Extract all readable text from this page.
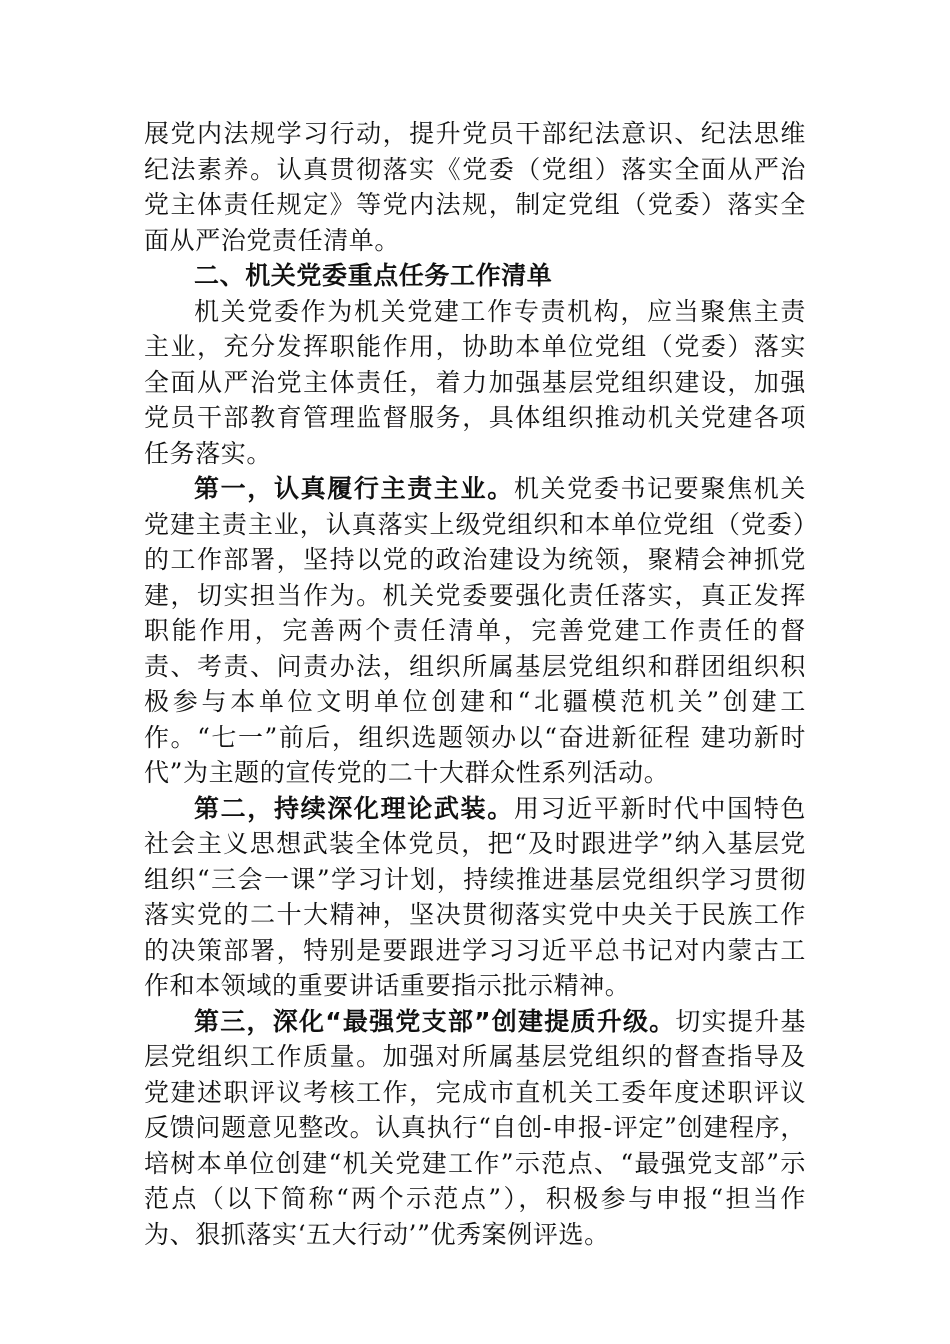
展党内法规学习行动，提升党员干部纪法意识、纪法思维纪法素养。认真贯彻落实《党委（党组）落实全面从严治党主体责任规定》等党内法规，制定党组（党委）落实全面从严治党责任清单。

二、机关党委重点任务工作清单

机关党委作为机关党建工作专责机构，应当聚焦主责主业，充分发挥职能作用，协助本单位党组（党委）落实全面从严治党主体责任，着力加强基层党组织建设，加强党员干部教育管理监督服务，具体组织推动机关党建各项任务落实。

第一，认真履行主责主业。机关党委书记要聚焦机关党建主责主业，认真落实上级党组织和本单位党组（党委）的工作部署，坚持以党的政治建设为统领，聚精会神抓党建，切实担当作为。机关党委要强化责任落实，真正发挥职能作用，完善两个责任清单，完善党建工作责任的督责、考责、问责办法，组织所属基层党组织和群团组织积极参与本单位文明单位创建和“北疆模范机关”创建工作。“七一”前后，组织选题领办以“奋进新征程 建功新时代”为主题的宣传党的二十大群众性系列活动。

第二，持续深化理论武装。用习近平新时代中国特色社会主义思想武装全体党员，把“及时跟进学”纳入基层党组织“三会一课”学习计划，持续推进基层党组织学习贯彻落实党的二十大精神，坚决贯彻落实党中央关于民族工作的决策部署，特别是要跟进学习习近平总书记对内蒙古工作和本领域的重要讲话重要指示批示精神。

第三，深化“最强党支部”创建提质升级。切实提升基层党组织工作质量。加强对所属基层党组织的督查指导及党建述职评议考核工作，完成市直机关工委年度述职评议反馈问题意见整改。认真执行“自创-申报-评定”创建程序，培树本单位创建“机关党建工作”示范点、“最强党支部”示范点（以下简称“两个示范点”），积极参与申报“担当作为、狠抓落实‘五大行动’”优秀案例评选。
